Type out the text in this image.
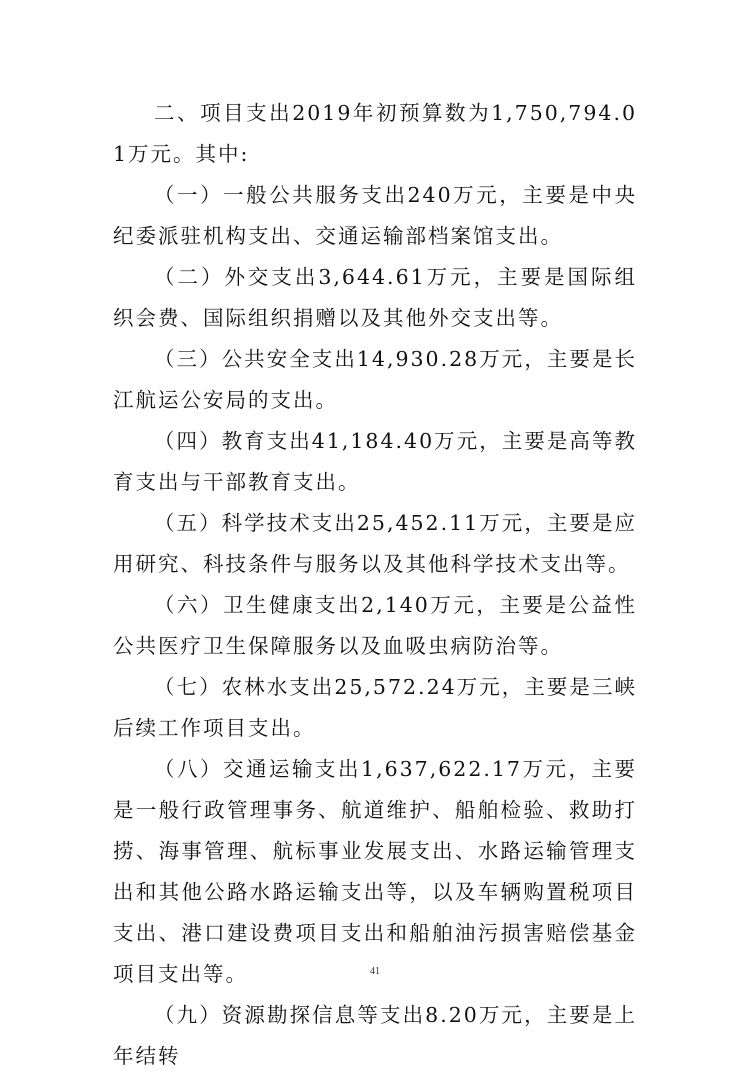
二、项目支出2019年初预算数为1,750,794.01万元。其中:

（一）一般公共服务支出240万元，主要是中央纪委派驻机构支出、交通运输部档案馆支出。

（二）外交支出3,644.61万元，主要是国际组织会费、国际组织捐赠以及其他外交支出等。

（三）公共安全支出14,930.28万元，主要是长江航运公安局的支出。

（四）教育支出41,184.40万元，主要是高等教育支出与干部教育支出。

（五）科学技术支出25,452.11万元，主要是应用研究、科技条件与服务以及其他科学技术支出等。

（六）卫生健康支出2,140万元，主要是公益性公共医疗卫生保障服务以及血吸虫病防治等。

（七）农林水支出25,572.24万元，主要是三峡后续工作项目支出。

（八）交通运输支出1,637,622.17万元，主要是一般行政管理事务、航道维护、船舶检验、救助打捞、海事管理、航标事业发展支出、水路运输管理支出和其他公路水路运输支出等，以及车辆购置税项目支出、港口建设费项目支出和船舶油污损害赔偿基金项目支出等。

（九）资源勘探信息等支出8.20万元，主要是上年结转

41
